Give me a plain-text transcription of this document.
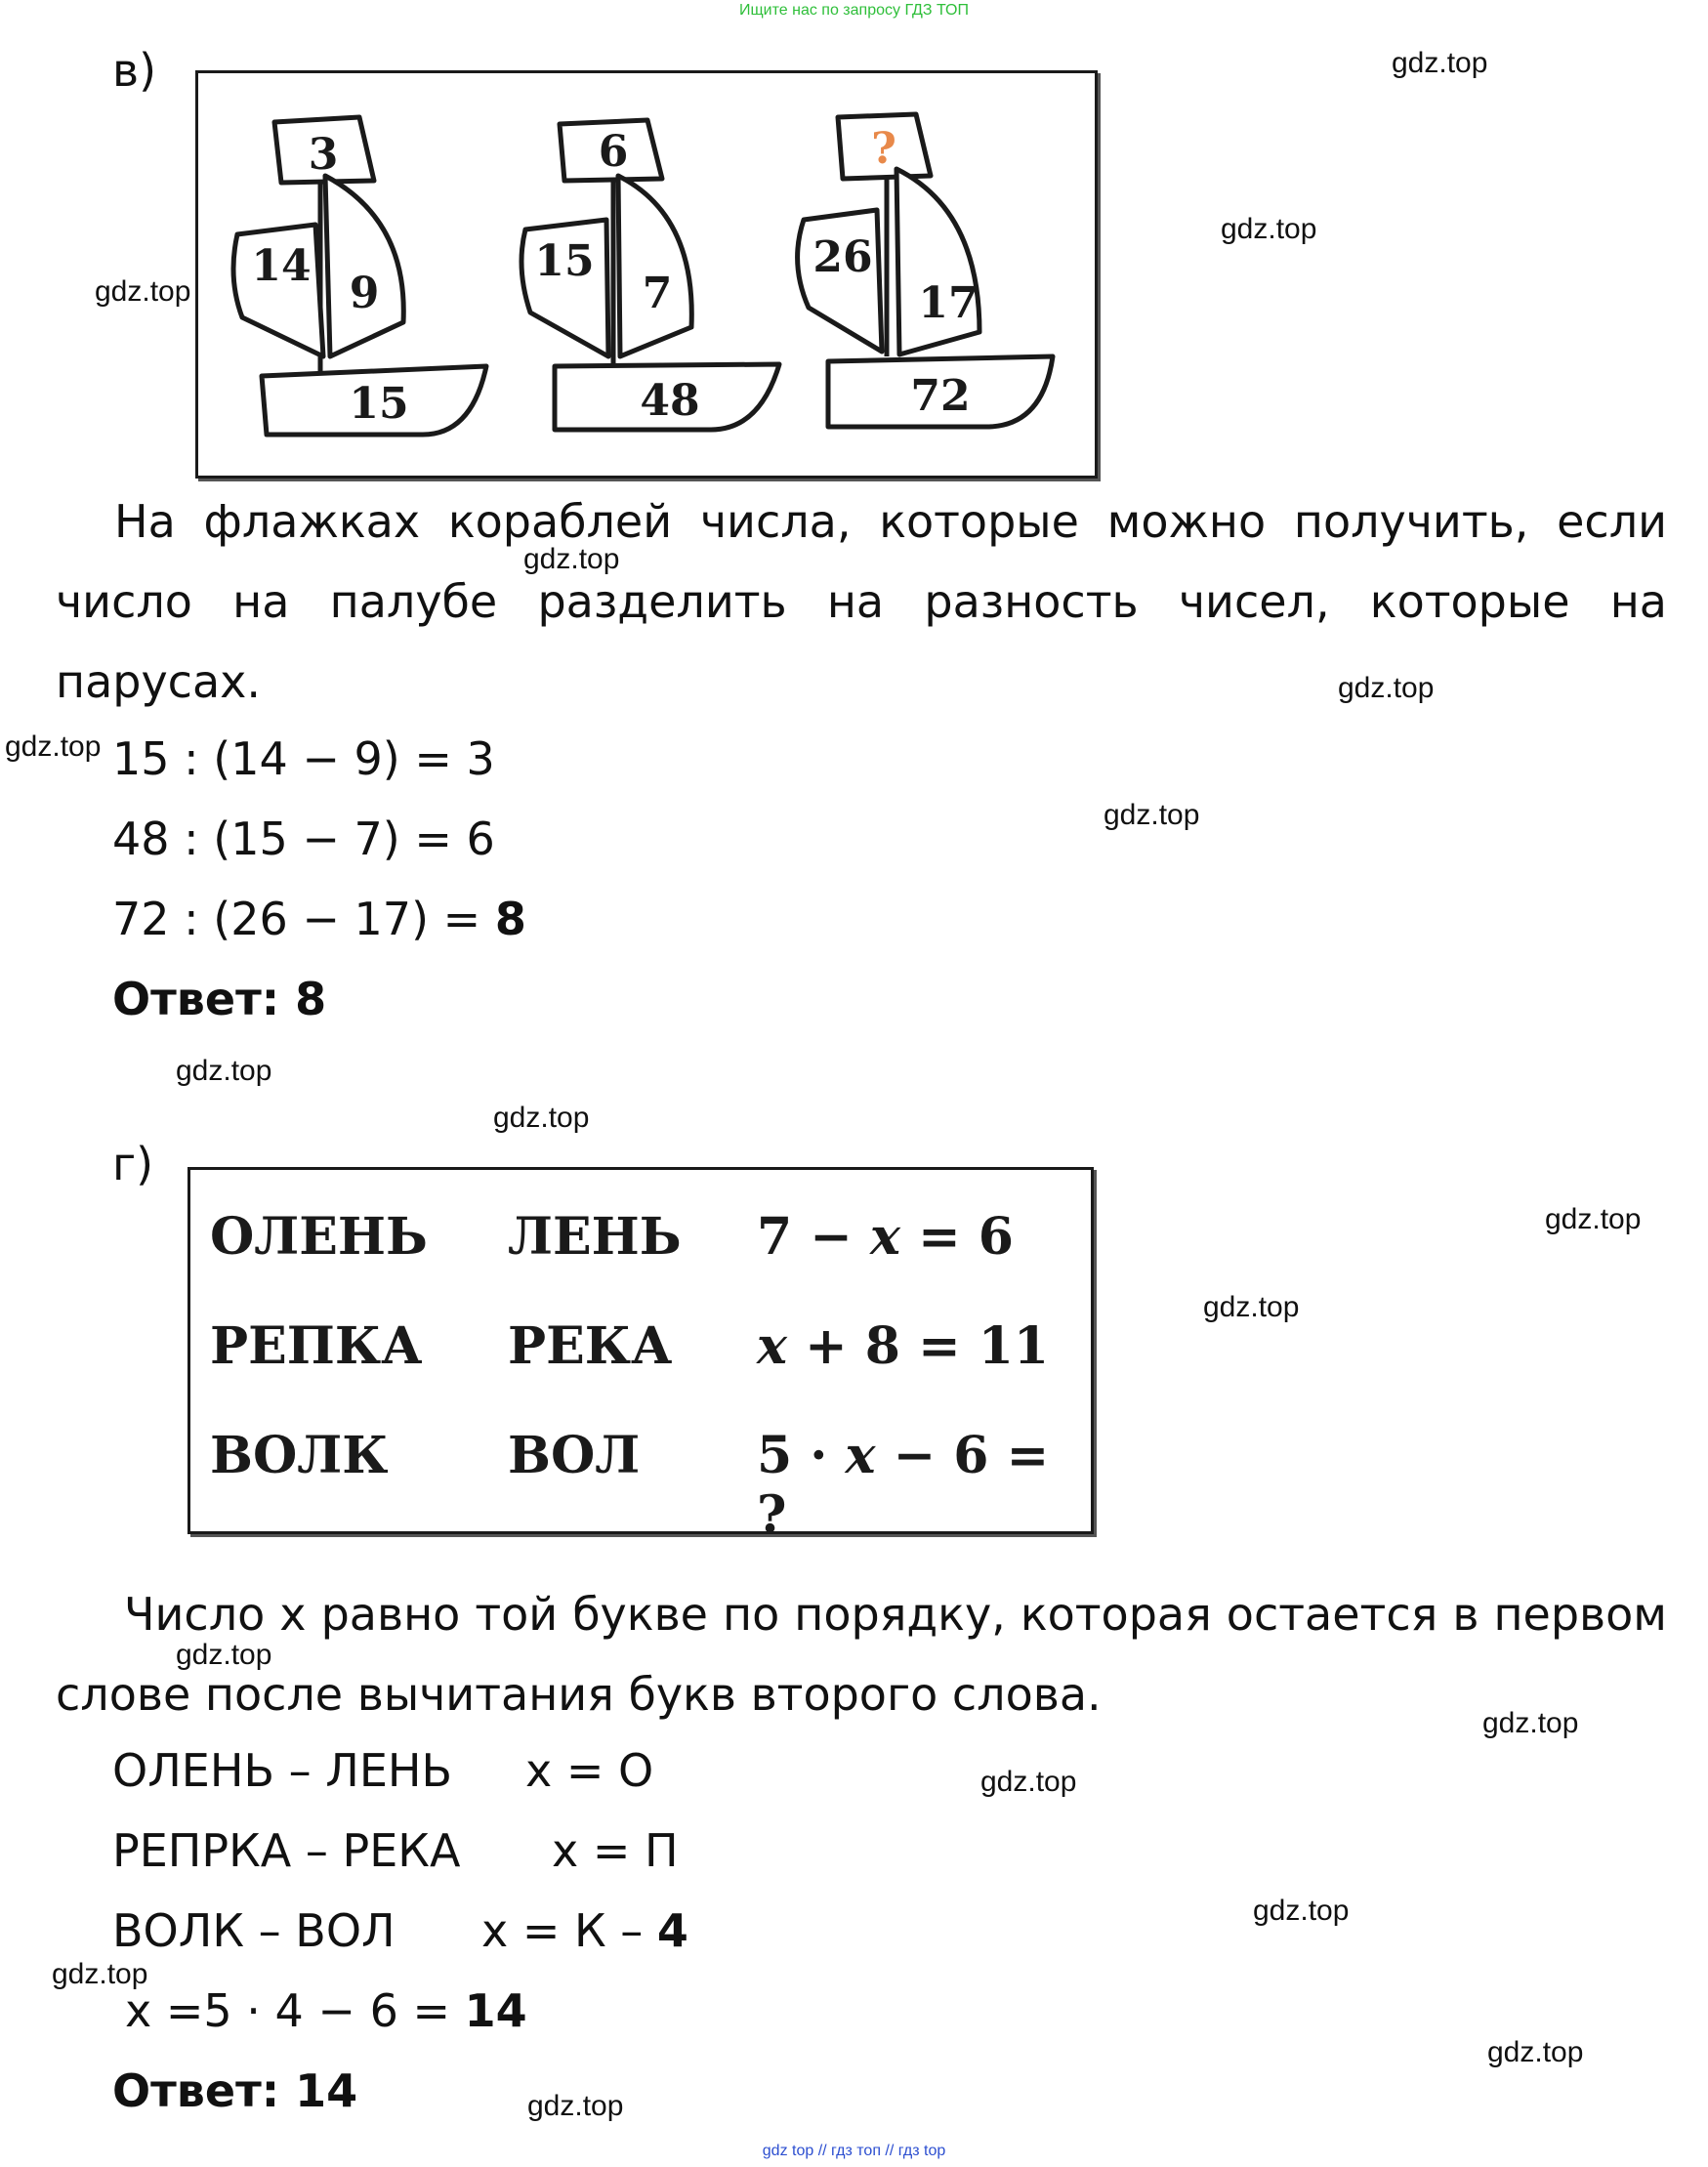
Ищите нас по запросу ГДЗ ТОП
gdz top // гдз топ // гдз top
gdz.top
gdz.top
gdz.top
gdz.top
gdz.top
gdz.top
gdz.top
gdz.top
gdz.top
gdz.top
gdz.top
gdz.top
gdz.top
gdz.top
gdz.top
gdz.top
gdz.top
gdz.top
в)
3
14
9
15
6
15
7
48
?
26
17
72
На флажках кораблей числа, которые можно получить, если число на палубе разделить на разность чисел, которые на парусах.
15 : (14 − 9) = 3
48 : (15 − 7) = 6
72 : (26 − 17) = 8
Ответ: 8
г)
ОЛЕНЬ ЛЕНЬ 7 − x = 6
РЕПКА РЕКА x + 8 = 11
ВОЛК ВОЛ 5 · x − 6 = ?
Число х равно той букве по порядку, которая остается в первом слове после вычитания букв второго слова.
ОЛЕНЬ – ЛЕНЬ x = О
РЕПРКА – РЕКА x = П
ВОЛК – ВОЛ x = К – 4
x =5 · 4 − 6 = 14
Ответ: 14
